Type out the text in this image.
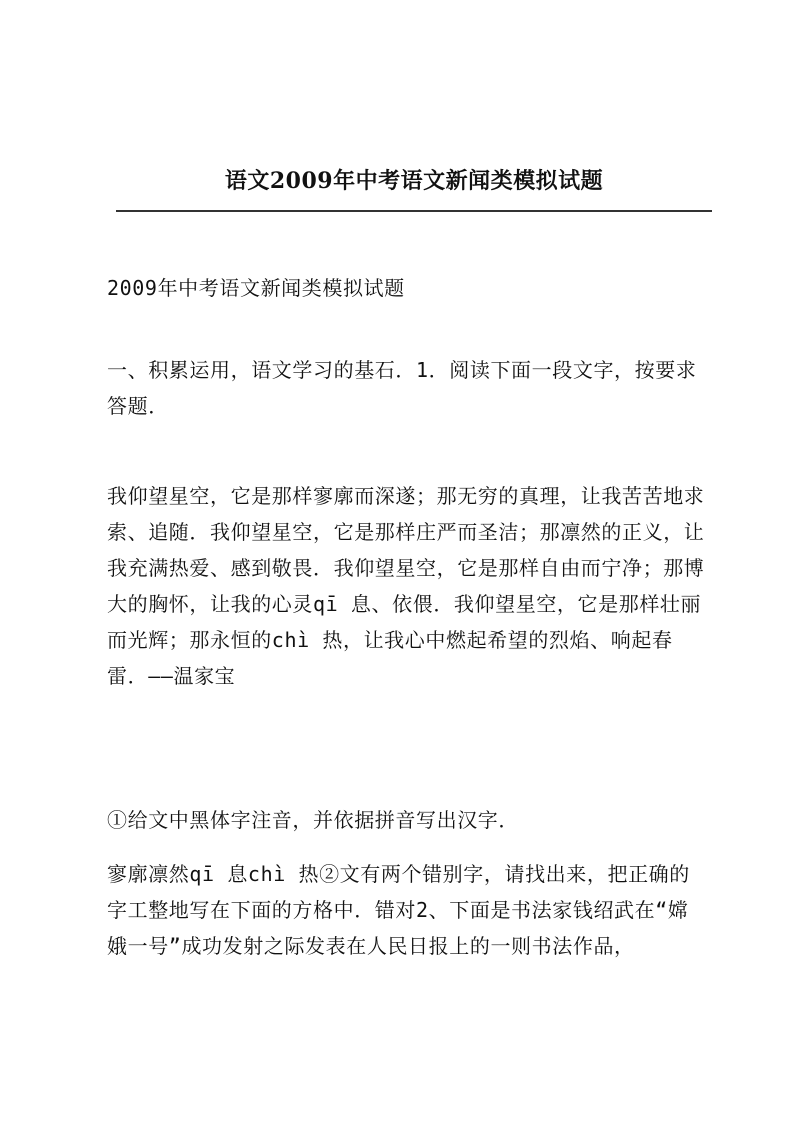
语文2009年中考语文新闻类模拟试题

2009年中考语文新闻类模拟试题

一、积累运用，语文学习的基石．1．阅读下面一段文字，按要求答题．

我仰望星空，它是那样寥廓而深遂；那无穷的真理，让我苦苦地求索、追随．我仰望星空，它是那样庄严而圣洁；那凛然的正义，让我充满热爱、感到敬畏．我仰望星空，它是那样自由而宁净；那博大的胸怀，让我的心灵qī 息、依偎．我仰望星空，它是那样壮丽而光辉；那永恒的chì 热，让我心中燃起希望的烈焰、响起春雷．——温家宝

①给文中黑体字注音，并依据拼音写出汉字．

寥廓凛然qī 息chì 热②文有两个错别字，请找出来，把正确的字工整地写在下面的方格中．错对2、下面是书法家钱绍武在“嫦娥一号”成功发射之际发表在人民日报上的一则书法作品，
